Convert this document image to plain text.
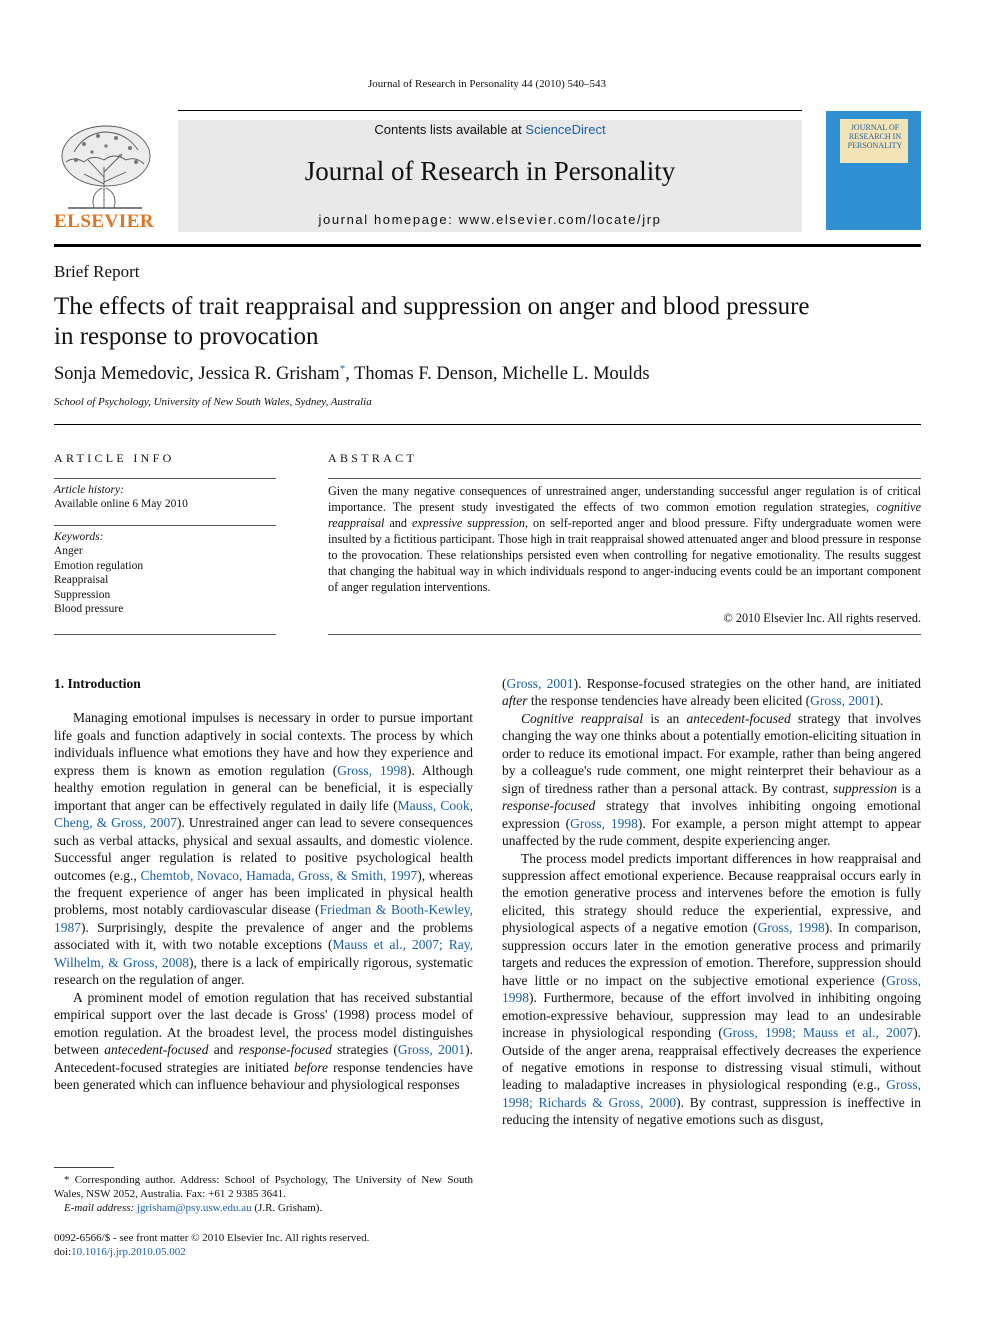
Journal of Research in Personality 44 (2010) 540–543
ELSEVIER
Contents lists available at ScienceDirect
Journal of Research in Personality
journal homepage: www.elsevier.com/locate/jrp
JOURNAL OF RESEARCH IN PERSONALITY
Brief Report
The effects of trait reappraisal and suppression on anger and blood pressure
in response to provocation
Sonja Memedovic, Jessica R. Grisham*, Thomas F. Denson, Michelle L. Moulds
School of Psychology, University of New South Wales, Sydney, Australia
ARTICLE INFO
Article history:
Available online 6 May 2010
Keywords:
Anger
Emotion regulation
Reappraisal
Suppression
Blood pressure
ABSTRACT
Given the many negative consequences of unrestrained anger, understanding successful anger regulation is of critical importance. The present study investigated the effects of two common emotion regulation strategies, cognitive reappraisal and expressive suppression, on self-reported anger and blood pressure. Fifty undergraduate women were insulted by a fictitious participant. Those high in trait reappraisal showed attenuated anger and blood pressure in response to the provocation. These relationships persisted even when controlling for negative emotionality. The results suggest that changing the habitual way in which individuals respond to anger-inducing events could be an important component of anger regulation interventions.
© 2010 Elsevier Inc. All rights reserved.

1. Introduction

Managing emotional impulses is necessary in order to pursue important life goals and function adaptively in social contexts. The process by which individuals influence what emotions they have and how they experience and express them is known as emotion regulation (Gross, 1998). Although healthy emotion regulation in general can be beneficial, it is especially important that anger can be effectively regulated in daily life (Mauss, Cook, Cheng, & Gross, 2007). Unrestrained anger can lead to severe consequences such as verbal attacks, physical and sexual assaults, and domestic violence. Successful anger regulation is related to positive psychological health outcomes (e.g., Chemtob, Novaco, Hamada, Gross, & Smith, 1997), whereas the frequent experience of anger has been implicated in physical health problems, most notably cardiovascular disease (Friedman & Booth-Kewley, 1987). Surprisingly, despite the prevalence of anger and the problems associated with it, with two notable exceptions (Mauss et al., 2007; Ray, Wilhelm, & Gross, 2008), there is a lack of empirically rigorous, systematic research on the regulation of anger.

A prominent model of emotion regulation that has received substantial empirical support over the last decade is Gross' (1998) process model of emotion regulation. At the broadest level, the process model distinguishes between antecedent-focused and response-focused strategies (Gross, 2001). Antecedent-focused strategies are initiated before response tendencies have been generated which can influence behaviour and physiological responses

(Gross, 2001). Response-focused strategies on the other hand, are initiated after the response tendencies have already been elicited (Gross, 2001).

Cognitive reappraisal is an antecedent-focused strategy that involves changing the way one thinks about a potentially emotion-eliciting situation in order to reduce its emotional impact. For example, rather than being angered by a colleague's rude comment, one might reinterpret their behaviour as a sign of tiredness rather than a personal attack. By contrast, suppression is a response-focused strategy that involves inhibiting ongoing emotional expression (Gross, 1998). For example, a person might attempt to appear unaffected by the rude comment, despite experiencing anger.

The process model predicts important differences in how reappraisal and suppression affect emotional experience. Because reappraisal occurs early in the emotion generative process and intervenes before the emotion is fully elicited, this strategy should reduce the experiential, expressive, and physiological aspects of a negative emotion (Gross, 1998). In comparison, suppression occurs later in the emotion generative process and primarily targets and reduces the expression of emotion. Therefore, suppression should have little or no impact on the subjective emotional experience (Gross, 1998). Furthermore, because of the effort involved in inhibiting ongoing emotion-expressive behaviour, suppression may lead to an undesirable increase in physiological responding (Gross, 1998; Mauss et al., 2007). Outside of the anger arena, reappraisal effectively decreases the experience of negative emotions in response to distressing visual stimuli, without leading to maladaptive increases in physiological responding (e.g., Gross, 1998; Richards & Gross, 2000). By contrast, suppression is ineffective in reducing the intensity of negative emotions such as disgust,

* Corresponding author. Address: School of Psychology, The University of New South Wales, NSW 2052, Australia. Fax: +61 2 9385 3641.
E-mail address: jgrisham@psy.usw.edu.au (J.R. Grisham).
0092-6566/$ - see front matter © 2010 Elsevier Inc. All rights reserved.
doi:10.1016/j.jrp.2010.05.002
